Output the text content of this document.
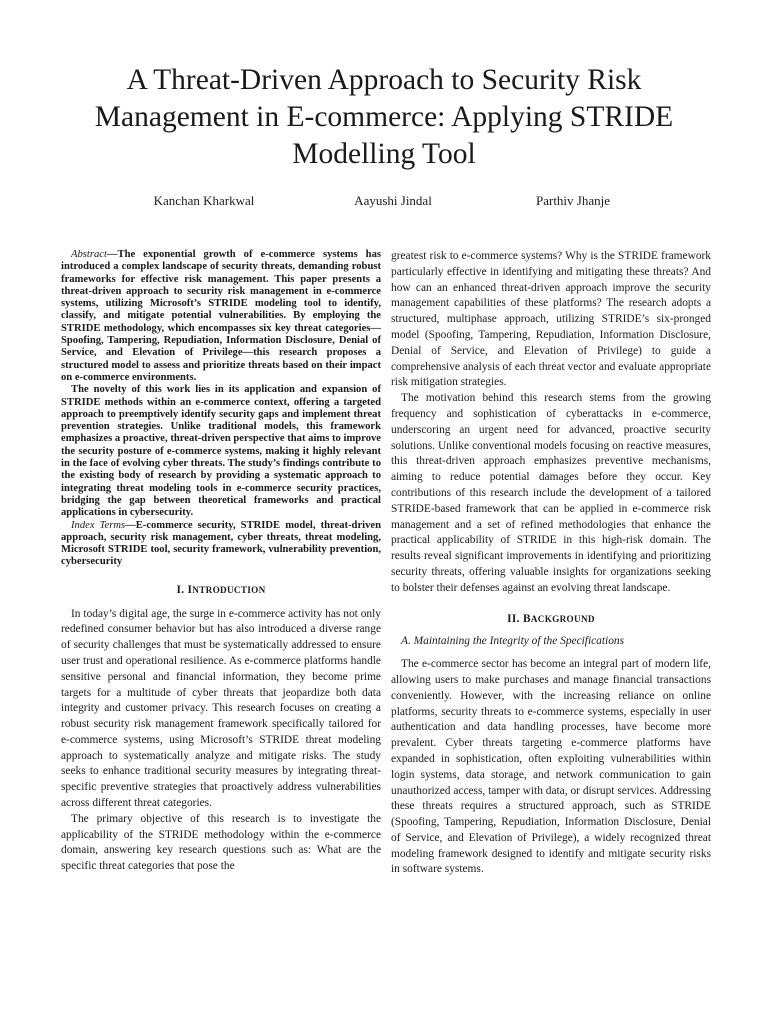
A Threat-Driven Approach to Security Risk Management in E-commerce: Applying STRIDE Modelling Tool
Kanchan Kharkwal	Aayushi Jindal	Parthiv Jhanje

Abstract—The exponential growth of e-commerce systems has introduced a complex landscape of security threats, demanding robust frameworks for effective risk management. This paper presents a threat-driven approach to security risk management in e-commerce systems, utilizing Microsoft’s STRIDE modeling tool to identify, classify, and mitigate potential vulnerabilities. By employing the STRIDE methodology, which encompasses six key threat categories—Spoofing, Tampering, Repudiation, Information Disclosure, Denial of Service, and Elevation of Privilege—this research proposes a structured model to assess and prioritize threats based on their impact on e-commerce environments.

The novelty of this work lies in its application and expansion of STRIDE methods within an e-commerce context, offering a targeted approach to preemptively identify security gaps and implement threat prevention strategies. Unlike traditional models, this framework emphasizes a proactive, threat-driven perspective that aims to improve the security posture of e-commerce systems, making it highly relevant in the face of evolving cyber threats. The study’s findings contribute to the existing body of research by providing a systematic approach to integrating threat modeling tools in e-commerce security practices, bridging the gap between theoretical frameworks and practical applications in cybersecurity.

Index Terms—E-commerce security, STRIDE model, threat-driven approach, security risk management, cyber threats, threat modeling, Microsoft STRIDE tool, security framework, vulnerability prevention, cybersecurity

I. INTRODUCTION

In today’s digital age, the surge in e-commerce activity has not only redefined consumer behavior but has also introduced a diverse range of security challenges that must be systematically addressed to ensure user trust and operational resilience. As e-commerce platforms handle sensitive personal and financial information, they become prime targets for a multitude of cyber threats that jeopardize both data integrity and customer privacy. This research focuses on creating a robust security risk management framework specifically tailored for e-commerce systems, using Microsoft’s STRIDE threat modeling approach to systematically analyze and mitigate risks. The study seeks to enhance traditional security measures by integrating threat-specific preventive strategies that proactively address vulnerabilities across different threat categories.

The primary objective of this research is to investigate the applicability of the STRIDE methodology within the e-commerce domain, answering key research questions such as: What are the specific threat categories that pose the

greatest risk to e-commerce systems? Why is the STRIDE framework particularly effective in identifying and mitigating these threats? And how can an enhanced threat-driven approach improve the security management capabilities of these platforms? The research adopts a structured, multiphase approach, utilizing STRIDE’s six-pronged model (Spoofing, Tampering, Repudiation, Information Disclosure, Denial of Service, and Elevation of Privilege) to guide a comprehensive analysis of each threat vector and evaluate appropriate risk mitigation strategies.

The motivation behind this research stems from the growing frequency and sophistication of cyberattacks in e-commerce, underscoring an urgent need for advanced, proactive security solutions. Unlike conventional models focusing on reactive measures, this threat-driven approach emphasizes preventive mechanisms, aiming to reduce potential damages before they occur. Key contributions of this research include the development of a tailored STRIDE-based framework that can be applied in e-commerce risk management and a set of refined methodologies that enhance the practical applicability of STRIDE in this high-risk domain. The results reveal significant improvements in identifying and prioritizing security threats, offering valuable insights for organizations seeking to bolster their defenses against an evolving threat landscape.

II. BACKGROUND

A. Maintaining the Integrity of the Specifications

The e-commerce sector has become an integral part of modern life, allowing users to make purchases and manage financial transactions conveniently. However, with the increasing reliance on online platforms, security threats to e-commerce systems, especially in user authentication and data handling processes, have become more prevalent. Cyber threats targeting e-commerce platforms have expanded in sophistication, often exploiting vulnerabilities within login systems, data storage, and network communication to gain unauthorized access, tamper with data, or disrupt services. Addressing these threats requires a structured approach, such as STRIDE (Spoofing, Tampering, Repudiation, Information Disclosure, Denial of Service, and Elevation of Privilege), a widely recognized threat modeling framework designed to identify and mitigate security risks in software systems.
